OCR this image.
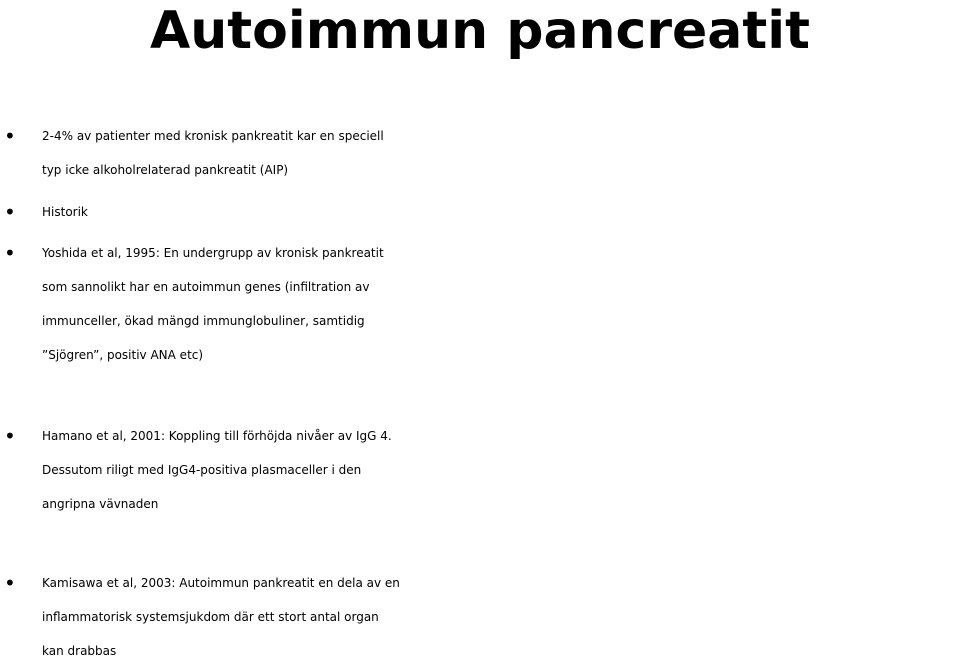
Autoimmun pancreatit
• 2-4% av patienter med kronisk pankreatit kar en speciell
typ icke alkoholrelaterad pankreatit (AIP)
• Historik
• Yoshida et al, 1995: En undergrupp av kronisk pankreatit
som sannolikt har en autoimmun genes (infiltration av
immunceller, ökad mängd immunglobuliner, samtidig
”Sjögren”, positiv ANA etc)
• Hamano et al, 2001: Koppling till förhöjda nivåer av IgG 4.
Dessutom riligt med IgG4-positiva plasmaceller i den
angripna vävnaden
• Kamisawa et al, 2003: Autoimmun pankreatit en dela av en
inflammatorisk systemsjukdom där ett stort antal organ
kan drabbas
